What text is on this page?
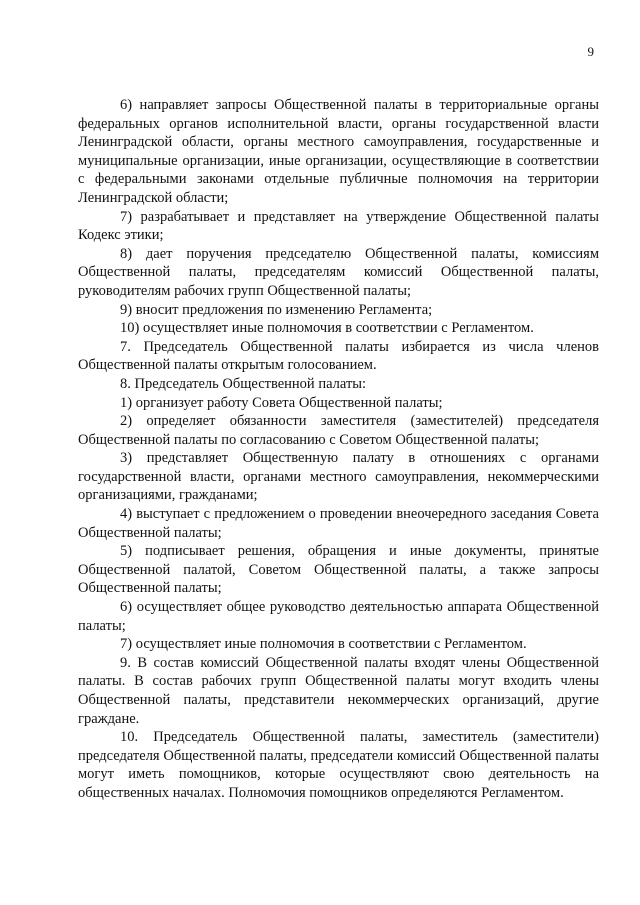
9

6) направляет запросы Общественной палаты в территориальные органы федеральных органов исполнительной власти, органы государственной власти Ленинградской области, органы местного самоуправления, государственные и муниципальные организации, иные организации, осуществляющие в соответствии с федеральными законами отдельные публичные полномочия на территории Ленинградской области;

7) разрабатывает и представляет на утверждение Общественной палаты Кодекс этики;

8) дает поручения председателю Общественной палаты, комиссиям Общественной палаты, председателям комиссий Общественной палаты, руководителям рабочих групп Общественной палаты;

9) вносит предложения по изменению Регламента;

10) осуществляет иные полномочия в соответствии с Регламентом.

7. Председатель Общественной палаты избирается из числа членов Общественной палаты открытым голосованием.

8. Председатель Общественной палаты:

1) организует работу Совета Общественной палаты;

2) определяет обязанности заместителя (заместителей) председателя Общественной палаты по согласованию с Советом Общественной палаты;

3) представляет Общественную палату в отношениях с органами государственной власти, органами местного самоуправления, некоммерческими организациями, гражданами;

4) выступает с предложением о проведении внеочередного заседания Совета Общественной палаты;

5) подписывает решения, обращения и иные документы, принятые Общественной палатой, Советом Общественной палаты, а также запросы Общественной палаты;

6) осуществляет общее руководство деятельностью аппарата Общественной палаты;

7) осуществляет иные полномочия в соответствии с Регламентом.

9. В состав комиссий Общественной палаты входят члены Общественной палаты. В состав рабочих групп Общественной палаты могут входить члены Общественной палаты, представители некоммерческих организаций, другие граждане.

10. Председатель Общественной палаты, заместитель (заместители) председателя Общественной палаты, председатели комиссий Общественной палаты могут иметь помощников, которые осуществляют свою деятельность на общественных началах. Полномочия помощников определяются Регламентом.
